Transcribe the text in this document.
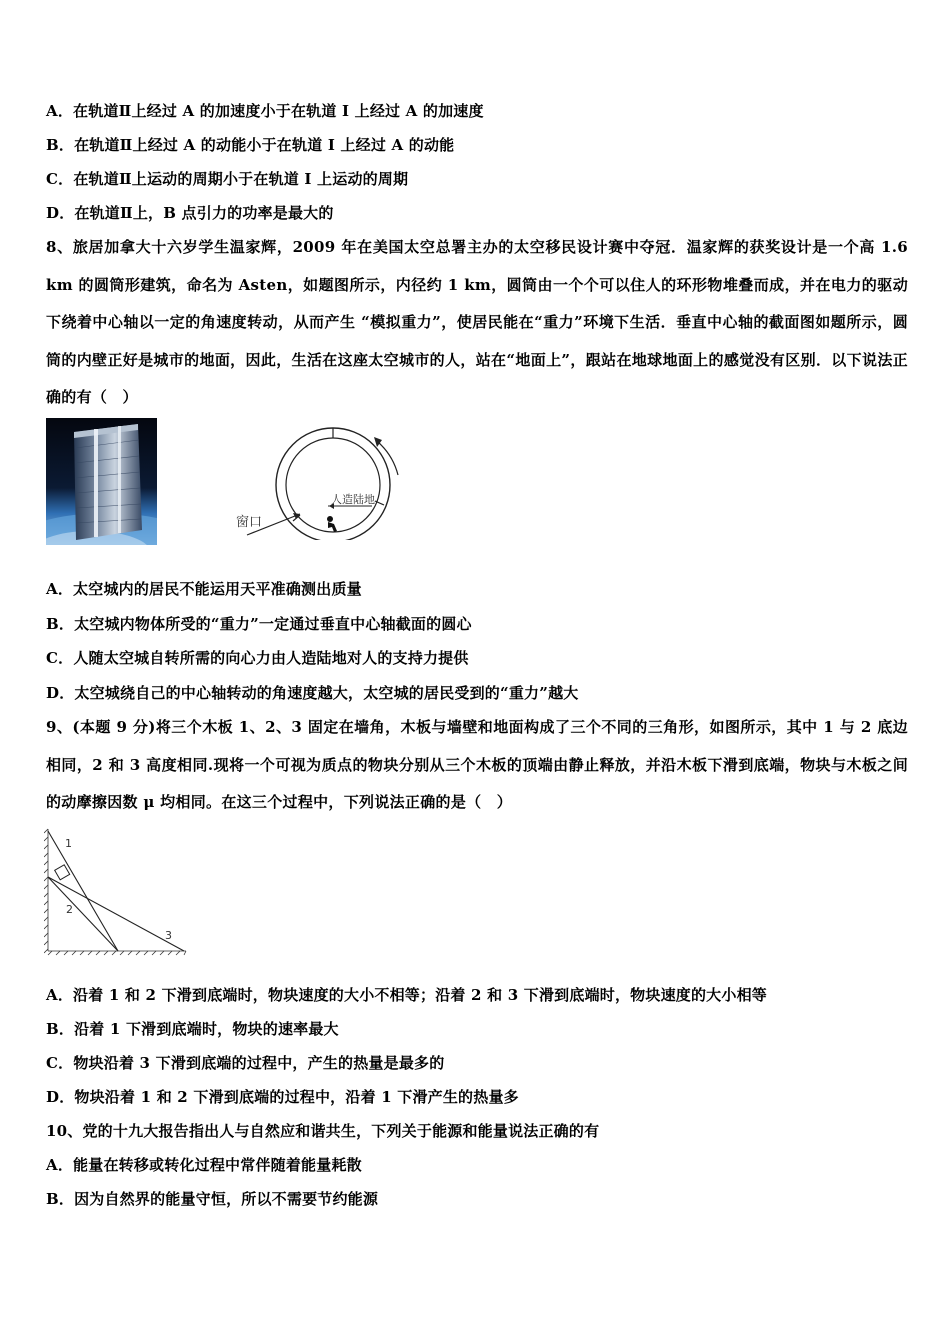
A．在轨道Ⅱ上经过 A 的加速度小于在轨道 I 上经过 A 的加速度
B．在轨道Ⅱ上经过 A 的动能小于在轨道 I 上经过 A 的动能
C．在轨道Ⅱ上运动的周期小于在轨道 I 上运动的周期
D．在轨道Ⅱ上，B 点引力的功率是最大的
8、旅居加拿大十六岁学生温家辉，2009 年在美国太空总署主办的太空移民设计赛中夺冠．温家辉的获奖设计是一个高 1.6 km 的圆筒形建筑，命名为 Asten，如题图所示，内径约 1 km，圆筒由一个个可以住人的环形物堆叠而成，并在电力的驱动下绕着中心轴以一定的角速度转动，从而产生 “模拟重力”，使居民能在“重力”环境下生活．垂直中心轴的截面图如题所示，圆筒的内壁正好是城市的地面，因此，生活在这座太空城市的人，站在“地面上”，跟站在地球地面上的感觉没有区别．以下说法正确的有（　）
窗口
人造陆地
A．太空城内的居民不能运用天平准确测出质量
B．太空城内物体所受的“重力”一定通过垂直中心轴截面的圆心
C．人随太空城自转所需的向心力由人造陆地对人的支持力提供
D．太空城绕自己的中心轴转动的角速度越大，太空城的居民受到的“重力”越大
9、(本题 9 分)将三个木板 1、2、3 固定在墙角，木板与墙壁和地面构成了三个不同的三角形，如图所示，其中 1 与 2 底边相同，2 和 3 高度相同.现将一个可视为质点的物块分别从三个木板的顶端由静止释放，并沿木板下滑到底端，物块与木板之间的动摩擦因数 μ 均相同。在这三个过程中，下列说法正确的是（　）
1
2
3
A．沿着 1 和 2 下滑到底端时，物块速度的大小不相等；沿着 2 和 3 下滑到底端时，物块速度的大小相等
B．沿着 1 下滑到底端时，物块的速率最大
C．物块沿着 3 下滑到底端的过程中，产生的热量是最多的
D．物块沿着 1 和 2 下滑到底端的过程中，沿着 1 下滑产生的热量多
10、党的十九大报告指出人与自然应和谐共生，下列关于能源和能量说法正确的有
A．能量在转移或转化过程中常伴随着能量耗散
B．因为自然界的能量守恒，所以不需要节约能源
